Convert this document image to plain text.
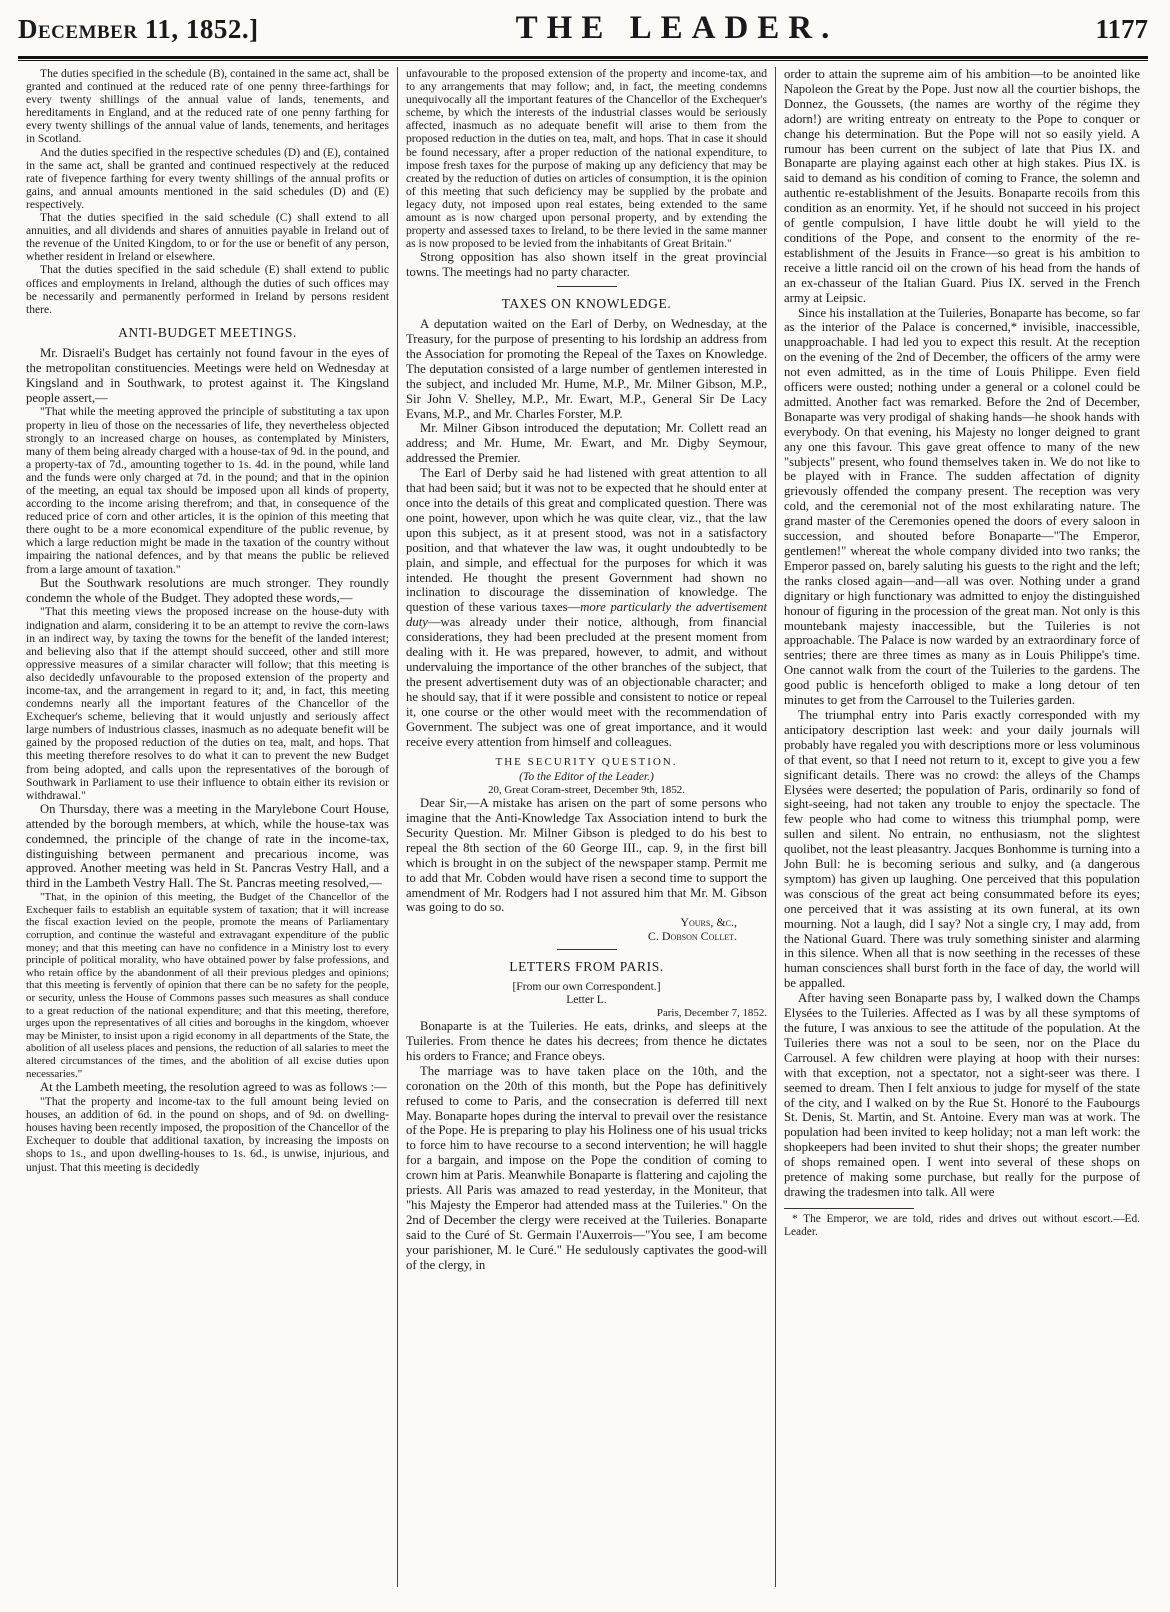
December 11, 1852.]	THE LEADER.	1177

The duties specified in the schedule (B), contained in the same act, shall be granted and continued at the reduced rate of one penny three-farthings for every twenty shillings of the annual value of lands, tenements, and hereditaments in England, and at the reduced rate of one penny farthing for every twenty shillings of the annual value of lands, tenements, and heritages in Scotland.

And the duties specified in the respective schedules (D) and (E), contained in the same act, shall be granted and continued respectively at the reduced rate of fivepence farthing for every twenty shillings of the annual profits or gains, and annual amounts mentioned in the said schedules (D) and (E) respectively.

That the duties specified in the said schedule (C) shall extend to all annuities, and all dividends and shares of annuities payable in Ireland out of the revenue of the United Kingdom, to or for the use or benefit of any person, whether resident in Ireland or elsewhere.

That the duties specified in the said schedule (E) shall extend to public offices and employments in Ireland, although the duties of such offices may be necessarily and permanently performed in Ireland by persons resident there.

ANTI-BUDGET MEETINGS.

Mr. Disraeli's Budget has certainly not found favour in the eyes of the metropolitan constituencies. Meetings were held on Wednesday at Kingsland and in Southwark, to protest against it. The Kingsland people assert,—

"That while the meeting approved the principle of substituting a tax upon property in lieu of those on the necessaries of life, they nevertheless objected strongly to an increased charge on houses, as contemplated by Ministers, many of them being already charged with a house-tax of 9d. in the pound, and a property-tax of 7d., amounting together to 1s. 4d. in the pound, while land and the funds were only charged at 7d. in the pound; and that in the opinion of the meeting, an equal tax should be imposed upon all kinds of property, according to the income arising therefrom; and that, in consequence of the reduced price of corn and other articles, it is the opinion of this meeting that there ought to be a more economical expenditure of the public revenue, by which a large reduction might be made in the taxation of the country without impairing the national defences, and by that means the public be relieved from a large amount of taxation."

But the Southwark resolutions are much stronger. They roundly condemn the whole of the Budget. They adopted these words,—

"That this meeting views the proposed increase on the house-duty with indignation and alarm, considering it to be an attempt to revive the corn-laws in an indirect way, by taxing the towns for the benefit of the landed interest; and believing also that if the attempt should succeed, other and still more oppressive measures of a similar character will follow; that this meeting is also decidedly unfavourable to the proposed extension of the property and income-tax, and the arrangement in regard to it; and, in fact, this meeting condemns nearly all the important features of the Chancellor of the Exchequer's scheme, believing that it would unjustly and seriously affect large numbers of industrious classes, inasmuch as no adequate benefit will be gained by the proposed reduction of the duties on tea, malt, and hops. That this meeting therefore resolves to do what it can to prevent the new Budget from being adopted, and calls upon the representatives of the borough of Southwark in Parliament to use their influence to obtain either its revision or withdrawal."

On Thursday, there was a meeting in the Marylebone Court House, attended by the borough members, at which, while the house-tax was condemned, the principle of the change of rate in the income-tax, distinguishing between permanent and precarious income, was approved. Another meeting was held in St. Pancras Vestry Hall, and a third in the Lambeth Vestry Hall. The St. Pancras meeting resolved,—

"That, in the opinion of this meeting, the Budget of the Chancellor of the Exchequer fails to establish an equitable system of taxation; that it will increase the fiscal exaction levied on the people, promote the means of Parliamentary corruption, and continue the wasteful and extravagant expenditure of the public money; and that this meeting can have no confidence in a Ministry lost to every principle of political morality, who have obtained power by false professions, and who retain office by the abandonment of all their previous pledges and opinions; that this meeting is fervently of opinion that there can be no safety for the people, or security, unless the House of Commons passes such measures as shall conduce to a great reduction of the national expenditure; and that this meeting, therefore, urges upon the representatives of all cities and boroughs in the kingdom, whoever may be Minister, to insist upon a rigid economy in all departments of the State, the abolition of all useless places and pensions, the reduction of all salaries to meet the altered circumstances of the times, and the abolition of all excise duties upon necessaries."

At the Lambeth meeting, the resolution agreed to was as follows :—

"That the property and income-tax to the full amount being levied on houses, an addition of 6d. in the pound on shops, and of 9d. on dwelling-houses having been recently imposed, the proposition of the Chancellor of the Exchequer to double that additional taxation, by increasing the imposts on shops to 1s., and upon dwelling-houses to 1s. 6d., is unwise, injurious, and unjust. That this meeting is decidedly

unfavourable to the proposed extension of the property and income-tax, and to any arrangements that may follow; and, in fact, the meeting condemns unequivocally all the important features of the Chancellor of the Exchequer's scheme, by which the interests of the industrial classes would be seriously affected, inasmuch as no adequate benefit will arise to them from the proposed reduction in the duties on tea, malt, and hops. That in case it should be found necessary, after a proper reduction of the national expenditure, to impose fresh taxes for the purpose of making up any deficiency that may be created by the reduction of duties on articles of consumption, it is the opinion of this meeting that such deficiency may be supplied by the probate and legacy duty, not imposed upon real estates, being extended to the same amount as is now charged upon personal property, and by extending the property and assessed taxes to Ireland, to be there levied in the same manner as is now proposed to be levied from the inhabitants of Great Britain."

Strong opposition has also shown itself in the great provincial towns. The meetings had no party character.

TAXES ON KNOWLEDGE.

A deputation waited on the Earl of Derby, on Wednesday, at the Treasury, for the purpose of presenting to his lordship an address from the Association for promoting the Repeal of the Taxes on Knowledge. The deputation consisted of a large number of gentlemen interested in the subject, and included Mr. Hume, M.P., Mr. Milner Gibson, M.P., Sir John V. Shelley, M.P., Mr. Ewart, M.P., General Sir De Lacy Evans, M.P., and Mr. Charles Forster, M.P.

Mr. Milner Gibson introduced the deputation; Mr. Collett read an address; and Mr. Hume, Mr. Ewart, and Mr. Digby Seymour, addressed the Premier.

The Earl of Derby said he had listened with great attention to all that had been said; but it was not to be expected that he should enter at once into the details of this great and complicated question. There was one point, however, upon which he was quite clear, viz., that the law upon this subject, as it at present stood, was not in a satisfactory position, and that whatever the law was, it ought undoubtedly to be plain, and simple, and effectual for the purposes for which it was intended. He thought the present Government had shown no inclination to discourage the dissemination of knowledge. The question of these various taxes—more particularly the advertisement duty—was already under their notice, although, from financial considerations, they had been precluded at the present moment from dealing with it. He was prepared, however, to admit, and without undervaluing the importance of the other branches of the subject, that the present advertisement duty was of an objectionable character; and he should say, that if it were possible and consistent to notice or repeal it, one course or the other would meet with the recommendation of Government. The subject was one of great importance, and it would receive every attention from himself and colleagues.

THE SECURITY QUESTION.

(To the Editor of the Leader.)

20, Great Coram-street, December 9th, 1852.

Dear Sir,—A mistake has arisen on the part of some persons who imagine that the Anti-Knowledge Tax Association intend to burk the Security Question. Mr. Milner Gibson is pledged to do his best to repeal the 8th section of the 60 George III., cap. 9, in the first bill which is brought in on the subject of the newspaper stamp. Permit me to add that Mr. Cobden would have risen a second time to support the amendment of Mr. Rodgers had I not assured him that Mr. M. Gibson was going to do so.

Yours, &c.,

C. Dobson Collet.

LETTERS FROM PARIS.

[From our own Correspondent.]

Letter L.

Paris, December 7, 1852.

Bonaparte is at the Tuileries. He eats, drinks, and sleeps at the Tuileries. From thence he dates his decrees; from thence he dictates his orders to France; and France obeys.

The marriage was to have taken place on the 10th, and the coronation on the 20th of this month, but the Pope has definitively refused to come to Paris, and the consecration is deferred till next May. Bonaparte hopes during the interval to prevail over the resistance of the Pope. He is preparing to play his Holiness one of his usual tricks to force him to have recourse to a second intervention; he will haggle for a bargain, and impose on the Pope the condition of coming to crown him at Paris. Meanwhile Bonaparte is flattering and cajoling the priests. All Paris was amazed to read yesterday, in the Moniteur, that "his Majesty the Emperor had attended mass at the Tuileries." On the 2nd of December the clergy were received at the Tuileries. Bonaparte said to the Curé of St. Germain l'Auxerrois—"You see, I am become your parishioner, M. le Curé." He sedulously captivates the good-will of the clergy, in

order to attain the supreme aim of his ambition—to be anointed like Napoleon the Great by the Pope. Just now all the courtier bishops, the Donnez, the Goussets, (the names are worthy of the régime they adorn!) are writing entreaty on entreaty to the Pope to conquer or change his determination. But the Pope will not so easily yield. A rumour has been current on the subject of late that Pius IX. and Bonaparte are playing against each other at high stakes. Pius IX. is said to demand as his condition of coming to France, the solemn and authentic re-establishment of the Jesuits. Bonaparte recoils from this condition as an enormity. Yet, if he should not succeed in his project of gentle compulsion, I have little doubt he will yield to the conditions of the Pope, and consent to the enormity of the re-establishment of the Jesuits in France—so great is his ambition to receive a little rancid oil on the crown of his head from the hands of an ex-chasseur of the Italian Guard. Pius IX. served in the French army at Leipsic.

Since his installation at the Tuileries, Bonaparte has become, so far as the interior of the Palace is concerned,* invisible, inaccessible, unapproachable. I had led you to expect this result. At the reception on the evening of the 2nd of December, the officers of the army were not even admitted, as in the time of Louis Philippe. Even field officers were ousted; nothing under a general or a colonel could be admitted. Another fact was remarked. Before the 2nd of December, Bonaparte was very prodigal of shaking hands—he shook hands with everybody. On that evening, his Majesty no longer deigned to grant any one this favour. This gave great offence to many of the new "subjects" present, who found themselves taken in. We do not like to be played with in France. The sudden affectation of dignity grievously offended the company present. The reception was very cold, and the ceremonial not of the most exhilarating nature. The grand master of the Ceremonies opened the doors of every saloon in succession, and shouted before Bonaparte—"The Emperor, gentlemen!" whereat the whole company divided into two ranks; the Emperor passed on, barely saluting his guests to the right and the left; the ranks closed again—and—all was over. Nothing under a grand dignitary or high functionary was admitted to enjoy the distinguished honour of figuring in the procession of the great man. Not only is this mountebank majesty inaccessible, but the Tuileries is not approachable. The Palace is now warded by an extraordinary force of sentries; there are three times as many as in Louis Philippe's time. One cannot walk from the court of the Tuileries to the gardens. The good public is henceforth obliged to make a long detour of ten minutes to get from the Carrousel to the Tuileries garden.

The triumphal entry into Paris exactly corresponded with my anticipatory description last week: and your daily journals will probably have regaled you with descriptions more or less voluminous of that event, so that I need not return to it, except to give you a few significant details. There was no crowd: the alleys of the Champs Elysées were deserted; the population of Paris, ordinarily so fond of sight-seeing, had not taken any trouble to enjoy the spectacle. The few people who had come to witness this triumphal pomp, were sullen and silent. No entrain, no enthusiasm, not the slightest quolibet, not the least pleasantry. Jacques Bonhomme is turning into a John Bull: he is becoming serious and sulky, and (a dangerous symptom) has given up laughing. One perceived that this population was conscious of the great act being consummated before its eyes; one perceived that it was assisting at its own funeral, at its own mourning. Not a laugh, did I say? Not a single cry, I may add, from the National Guard. There was truly something sinister and alarming in this silence. When all that is now seething in the recesses of these human consciences shall burst forth in the face of day, the world will be appalled.

After having seen Bonaparte pass by, I walked down the Champs Elysées to the Tuileries. Affected as I was by all these symptoms of the future, I was anxious to see the attitude of the population. At the Tuileries there was not a soul to be seen, nor on the Place du Carrousel. A few children were playing at hoop with their nurses: with that exception, not a spectator, not a sight-seer was there. I seemed to dream. Then I felt anxious to judge for myself of the state of the city, and I walked on by the Rue St. Honoré to the Faubourgs St. Denis, St. Martin, and St. Antoine. Every man was at work. The population had been invited to keep holiday; not a man left work: the shopkeepers had been invited to shut their shops; the greater number of shops remained open. I went into several of these shops on pretence of making some purchase, but really for the purpose of drawing the tradesmen into talk. All were

* The Emperor, we are told, rides and drives out without escort.—Ed. Leader.
